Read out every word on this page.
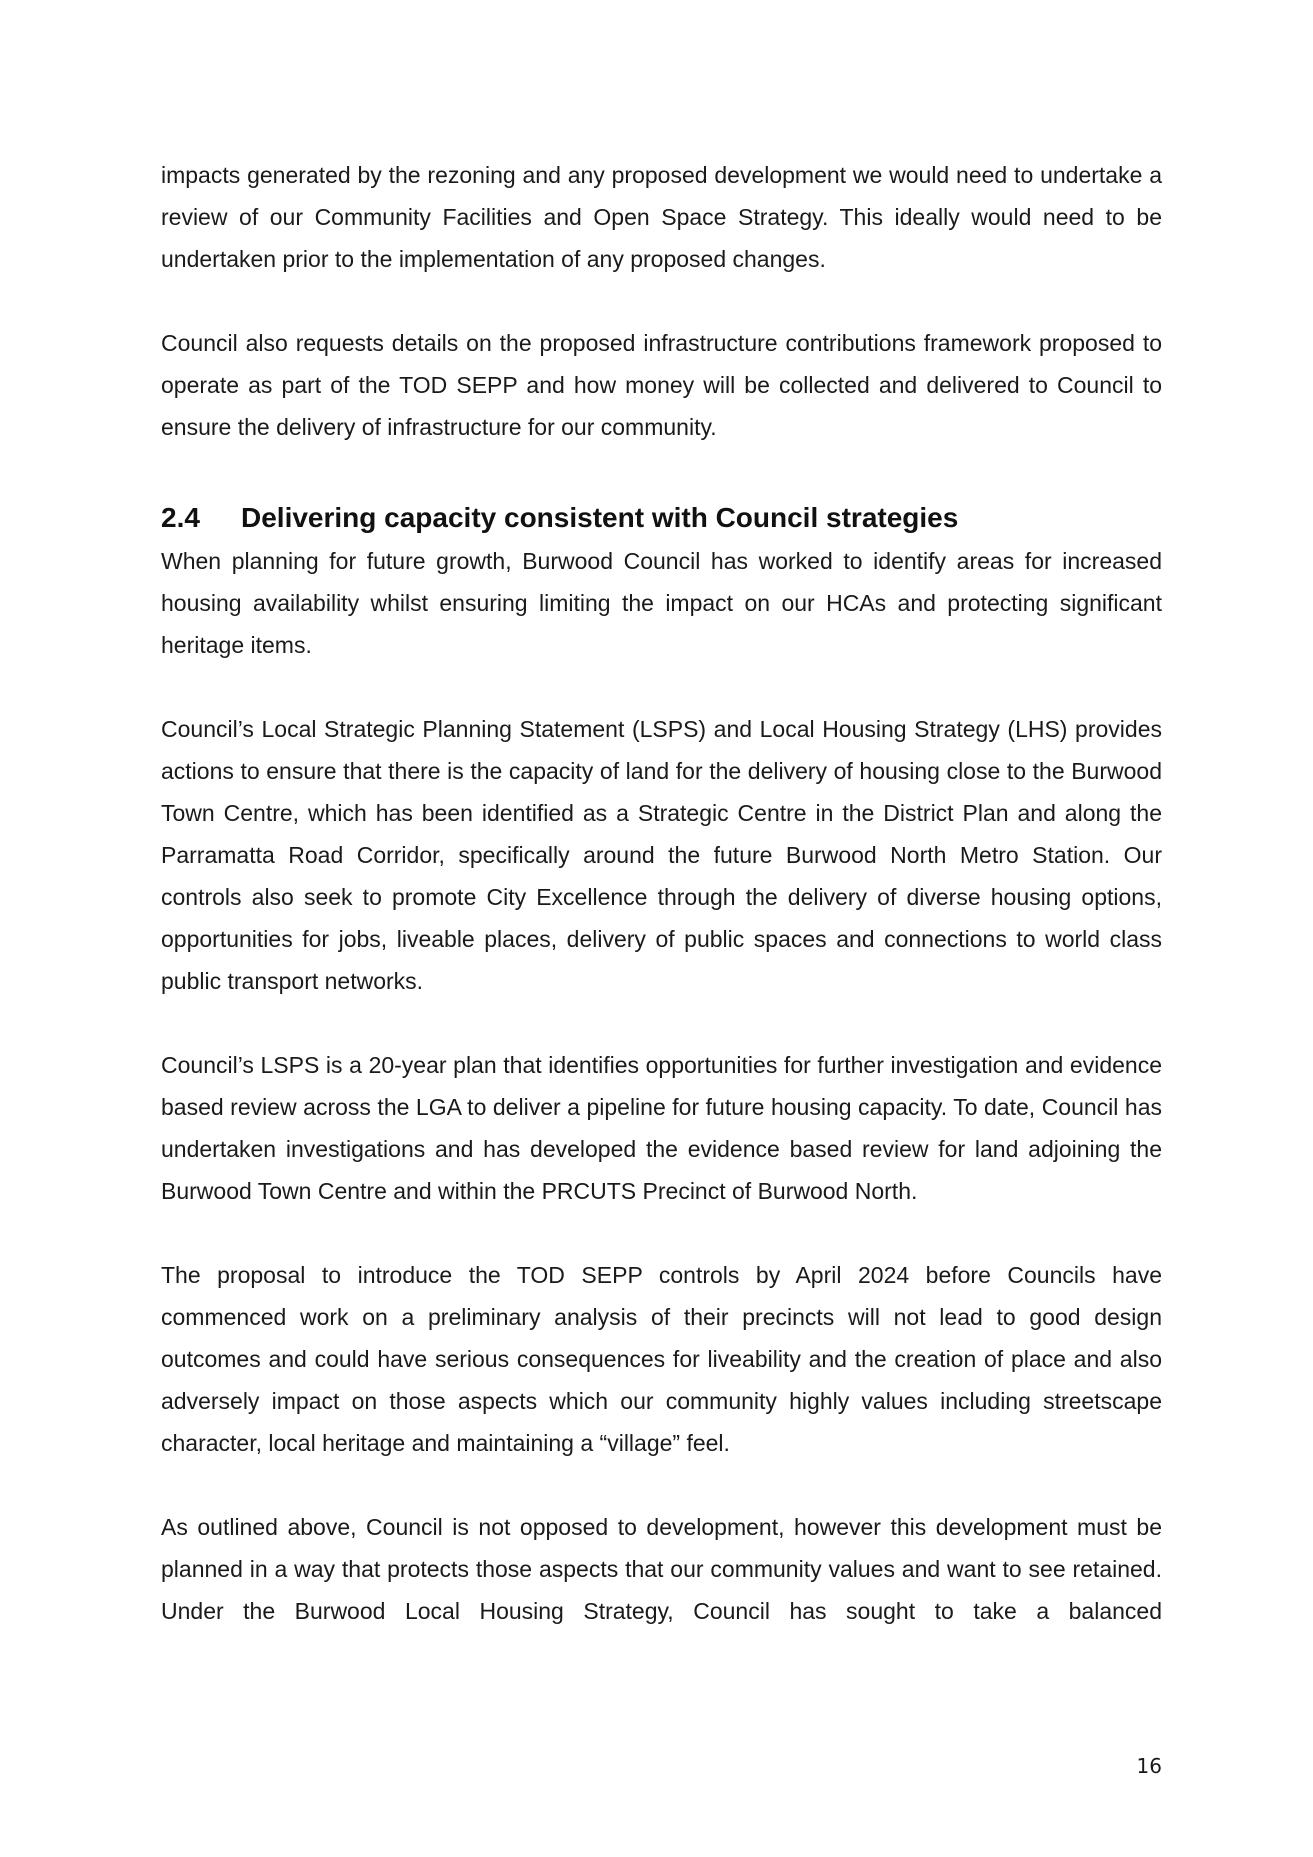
impacts generated by the rezoning and any proposed development we would need to undertake a review of our Community Facilities and Open Space Strategy. This ideally would need to be undertaken prior to the implementation of any proposed changes.

Council also requests details on the proposed infrastructure contributions framework proposed to operate as part of the TOD SEPP and how money will be collected and delivered to Council to ensure the delivery of infrastructure for our community.

2.4	Delivering capacity consistent with Council strategies

When planning for future growth, Burwood Council has worked to identify areas for increased housing availability whilst ensuring limiting the impact on our HCAs and protecting significant heritage items.

Council’s Local Strategic Planning Statement (LSPS) and Local Housing Strategy (LHS) provides actions to ensure that there is the capacity of land for the delivery of housing close to the Burwood Town Centre, which has been identified as a Strategic Centre in the District Plan and along the Parramatta Road Corridor, specifically around the future Burwood North Metro Station. Our controls also seek to promote City Excellence through the delivery of diverse housing options, opportunities for jobs, liveable places, delivery of public spaces and connections to world class public transport networks.

Council’s LSPS is a 20-year plan that identifies opportunities for further investigation and evidence based review across the LGA to deliver a pipeline for future housing capacity. To date, Council has undertaken investigations and has developed the evidence based review for land adjoining the Burwood Town Centre and within the PRCUTS Precinct of Burwood North.

The proposal to introduce the TOD SEPP controls by April 2024 before Councils have commenced work on a preliminary analysis of their precincts will not lead to good design outcomes and could have serious consequences for liveability and the creation of place and also adversely impact on those aspects which our community highly values including streetscape character, local heritage and maintaining a “village” feel.

As outlined above, Council is not opposed to development, however this development must be planned in a way that protects those aspects that our community values and want to see retained. Under the Burwood Local Housing Strategy, Council has sought to take a balanced

16
